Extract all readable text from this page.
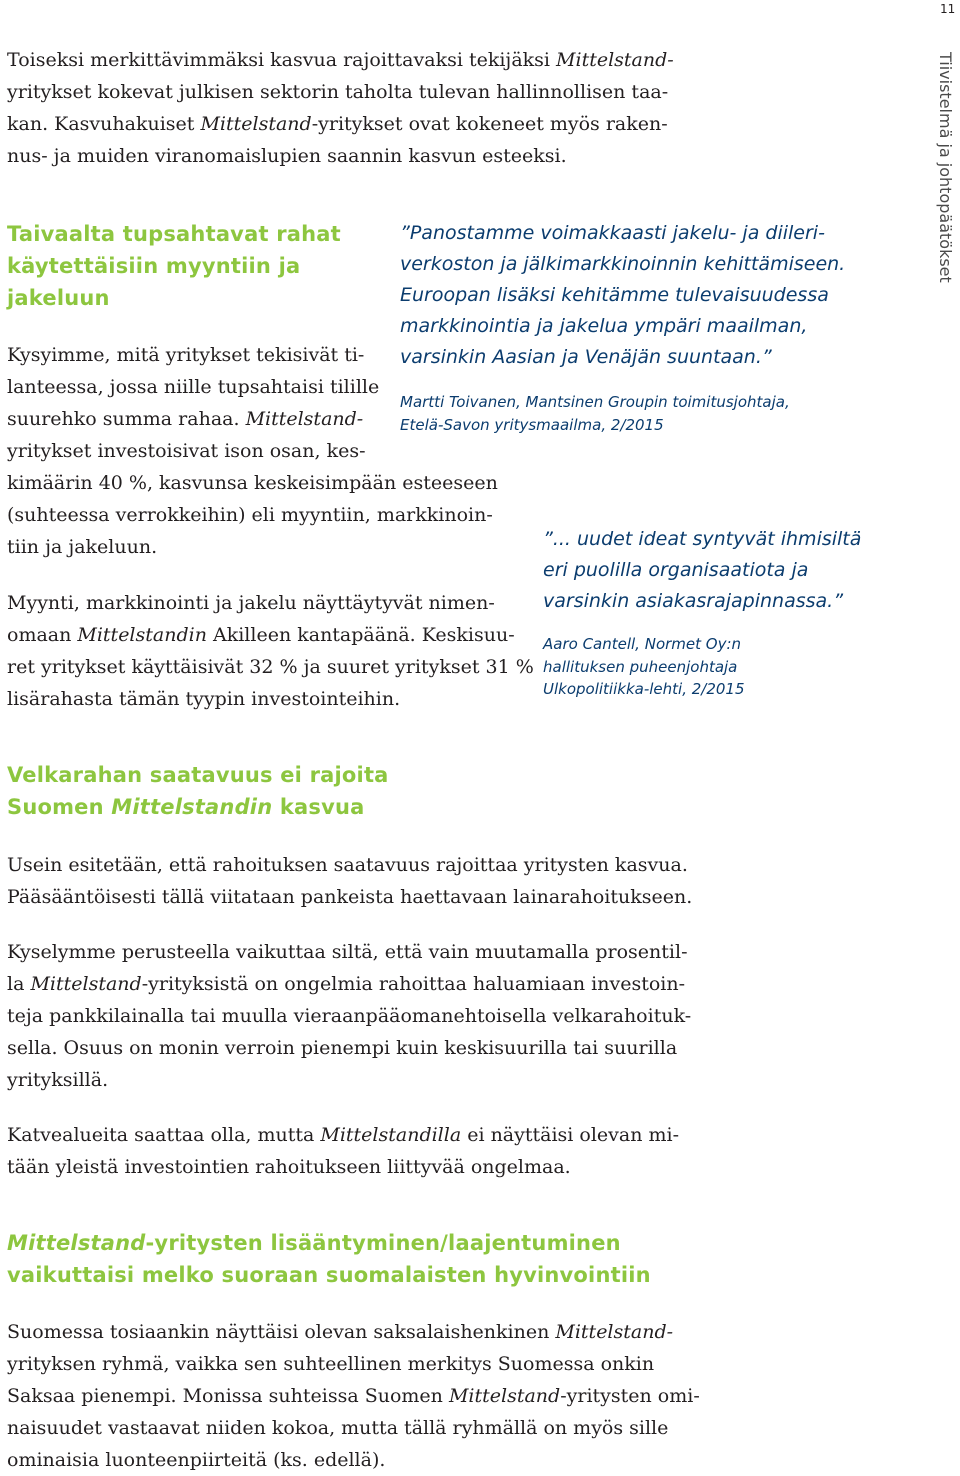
11
Tiivistelmä ja johtopäätökset
Toiseksi merkittävimmäksi kasvua rajoittavaksi tekijäksi Mittelstand-
yritykset kokevat julkisen sektorin taholta tulevan hallinnollisen taa-
kan. Kasvuhakuiset Mittelstand-yritykset ovat kokeneet myös raken-
nus- ja muiden viranomaislupien saannin kasvun esteeksi.
Taivaalta tupsahtavat rahat
käytettäisiin myyntiin ja
jakeluun
Kysyimme, mitä yritykset tekisivät ti-
lanteessa, jossa niille tupsahtaisi tilille
suurehko summa rahaa. Mittelstand-
yritykset investoisivat ison osan, kes-
kimäärin 40 %, kasvunsa keskeisimpään esteeseen
(suhteessa verrokkeihin) eli myyntiin, markkinoin-
tiin ja jakeluun.
Myynti, markkinointi ja jakelu näyttäytyvät nimen-
omaan Mittelstandin Akilleen kantapäänä. Keskisuu-
ret yritykset käyttäisivät 32 % ja suuret yritykset 31 %
lisärahasta tämän tyypin investointeihin.
”Panostamme voimakkaasti jakelu- ja diileri-
verkoston ja jälkimarkkinoinnin kehittämiseen.
Euroopan lisäksi kehitämme tulevaisuudessa
markkinointia ja jakelua ympäri maailman,
varsinkin Aasian ja Venäjän suuntaan.”
Martti Toivanen, Mantsinen Groupin toimitusjohtaja,
Etelä-Savon yritysmaailma, 2/2015
”... uudet ideat syntyvät ihmisiltä
eri puolilla organisaatiota ja
varsinkin asiakasrajapinnassa.”
Aaro Cantell, Normet Oy:n
hallituksen puheenjohtaja
Ulkopolitiikka-lehti, 2/2015
Velkarahan saatavuus ei rajoita
Suomen Mittelstandin kasvua
Usein esitetään, että rahoituksen saatavuus rajoittaa yritysten kasvua.
Pääsääntöisesti tällä viitataan pankeista haettavaan lainarahoitukseen.
Kyselymme perusteella vaikuttaa siltä, että vain muutamalla prosentil-
la Mittelstand-yrityksistä on ongelmia rahoittaa haluamiaan investoin-
teja pankkilainalla tai muulla vieraanpääomanehtoisella velkarahoituk-
sella. Osuus on monin verroin pienempi kuin keskisuurilla tai suurilla
yrityksillä.
Katvealueita saattaa olla, mutta Mittelstandilla ei näyttäisi olevan mi-
tään yleistä investointien rahoitukseen liittyvää ongelmaa.
Mittelstand-yritysten lisääntyminen/laajentuminen
vaikuttaisi melko suoraan suomalaisten hyvinvointiin
Suomessa tosiaankin näyttäisi olevan saksalaishenkinen Mittelstand-
yrityksen ryhmä, vaikka sen suhteellinen merkitys Suomessa onkin
Saksaa pienempi. Monissa suhteissa Suomen Mittelstand-yritysten omi-
naisuudet vastaavat niiden kokoa, mutta tällä ryhmällä on myös sille
ominaisia luonteenpiirteitä (ks. edellä).
